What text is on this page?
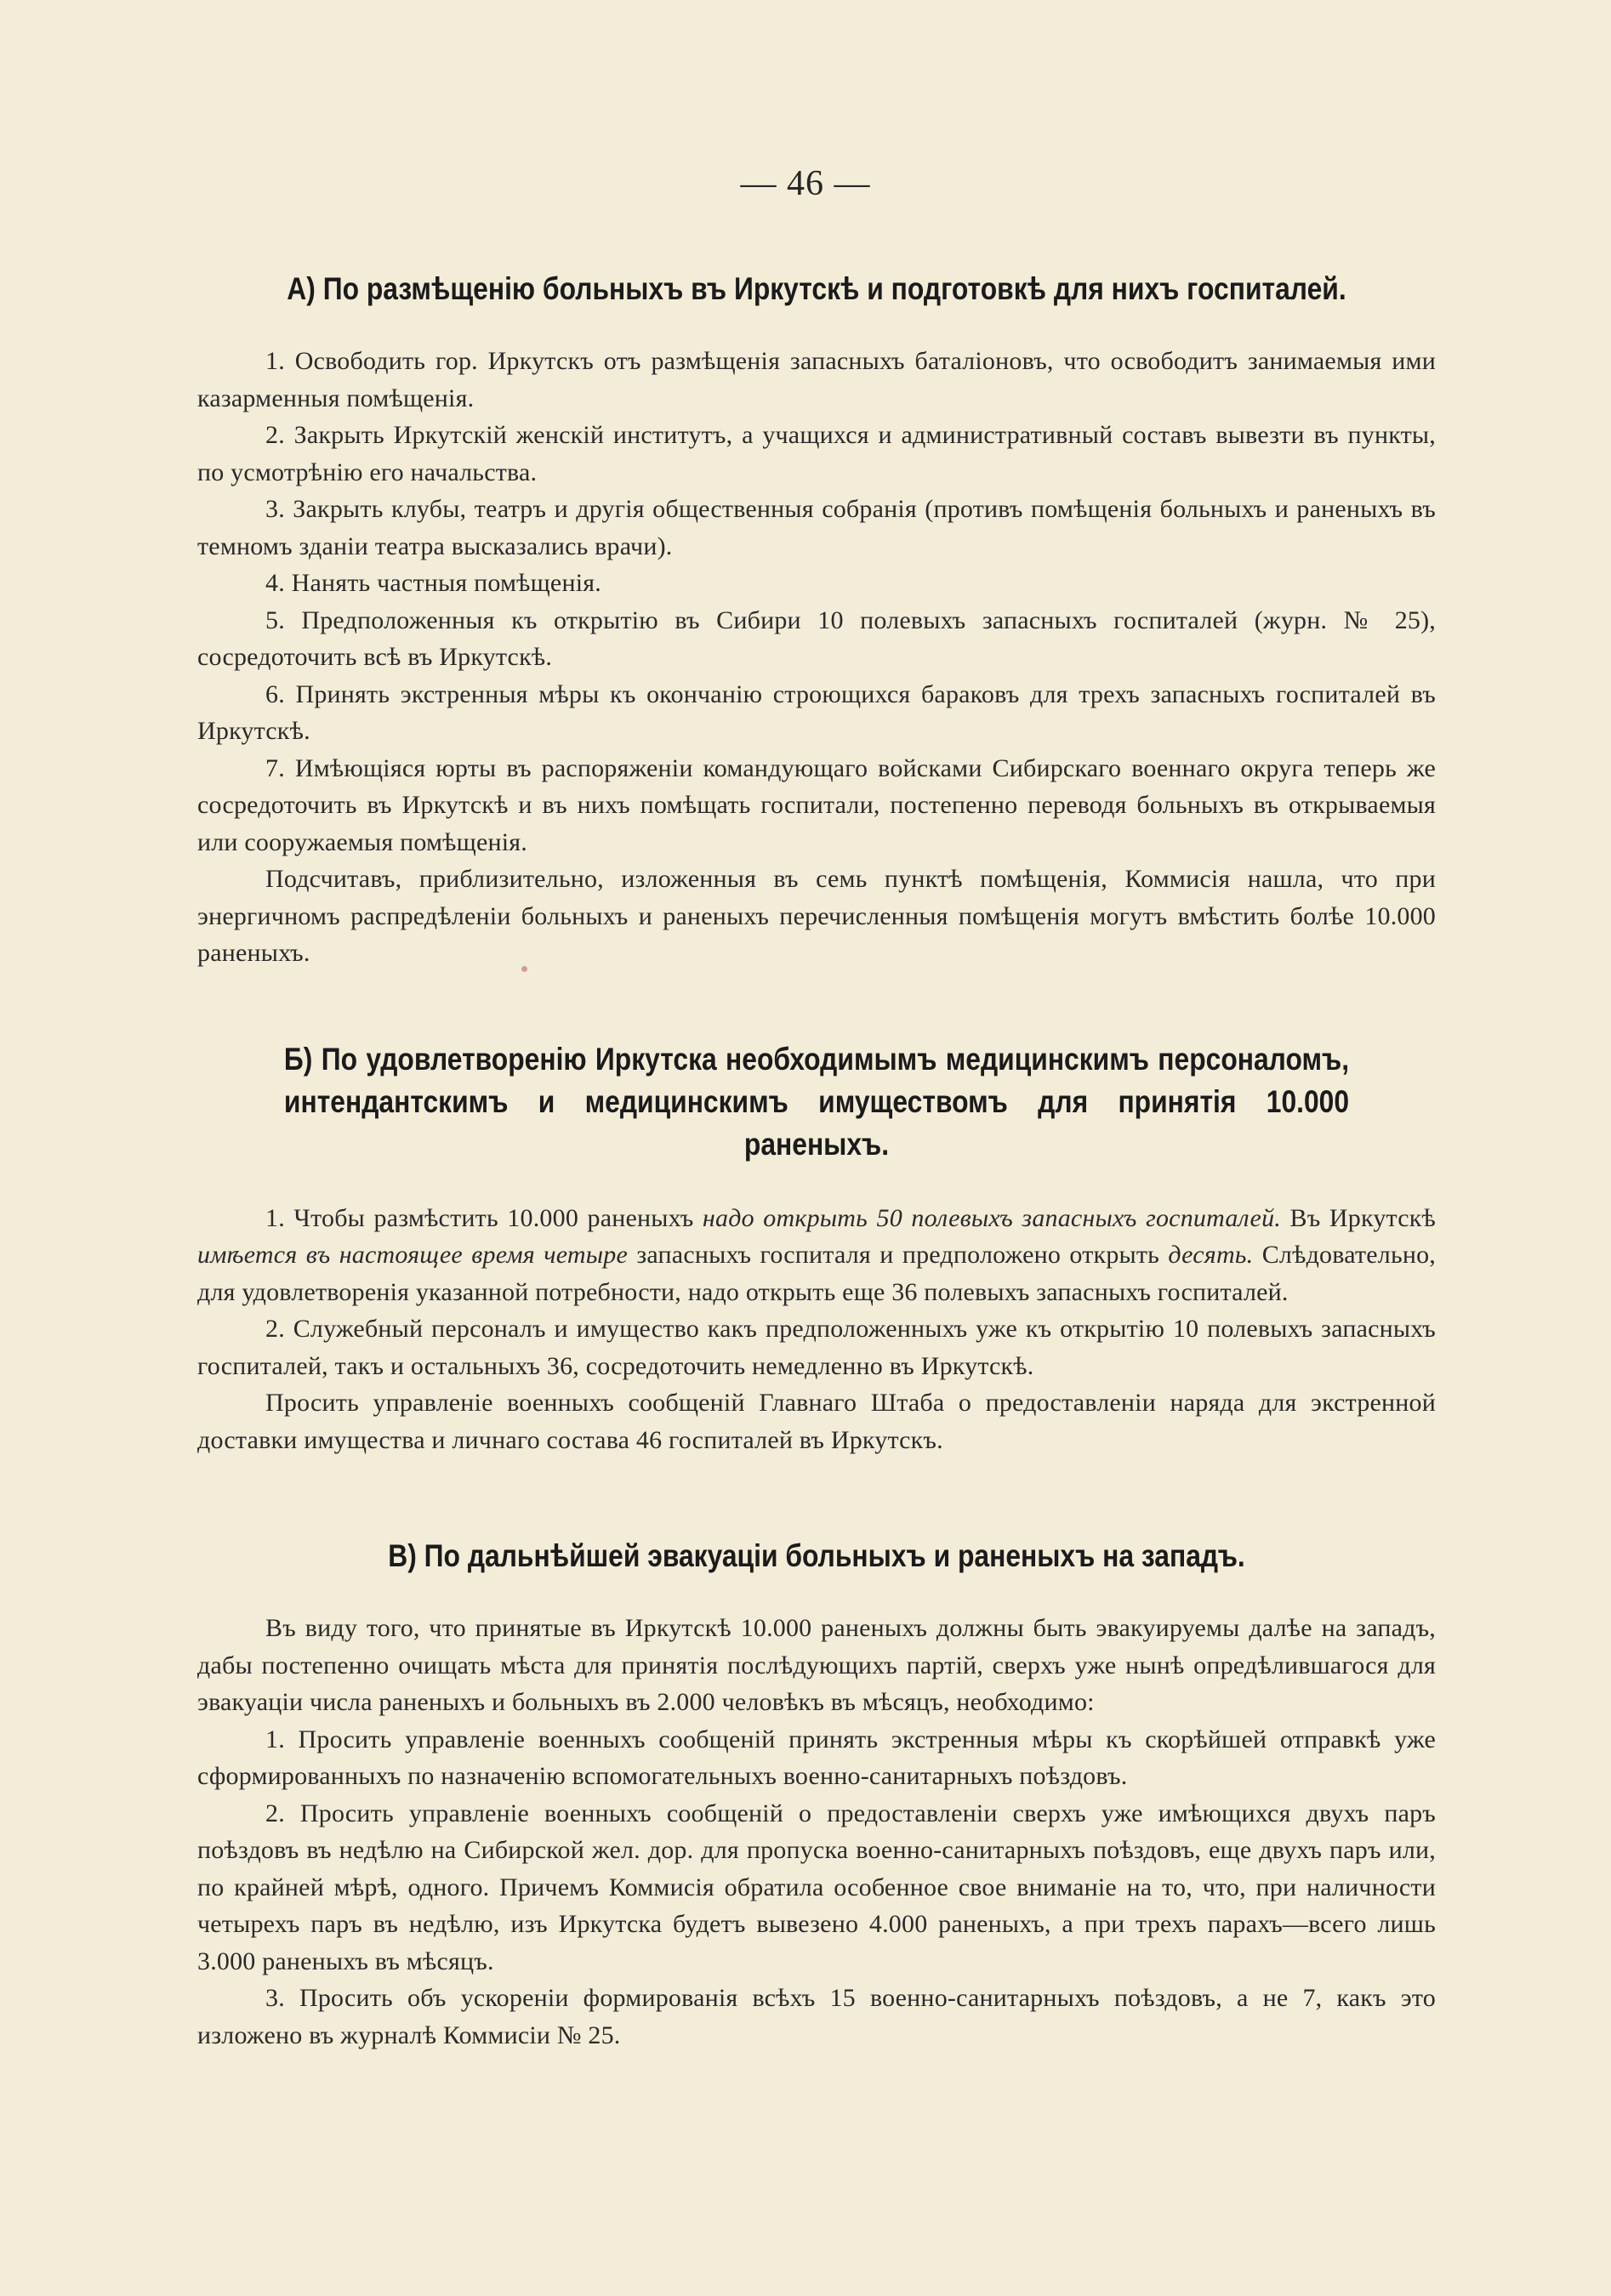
— 46 —
А) По размѣщенію больныхъ въ Иркутскѣ и подготовкѣ для нихъ госпиталей.

1. Освободить гор. Иркутскъ отъ размѣщенія запасныхъ баталіоновъ, что освободитъ занимаемыя ими казарменныя помѣщенія.

2. Закрыть Иркутскій женскій институтъ, а учащихся и административный составъ вывезти въ пункты, по усмотрѣнію его начальства.

3. Закрыть клубы, театръ и другія общественныя собранія (противъ помѣщенія больныхъ и раненыхъ въ темномъ зданіи театра высказались врачи).

4. Нанять частныя помѣщенія.

5. Предположенныя къ открытію въ Сибири 10 полевыхъ запасныхъ госпиталей (журн. № 25), сосредоточить всѣ въ Иркутскѣ.

6. Принять экстренныя мѣры къ окончанію строющихся бараковъ для трехъ запасныхъ госпиталей въ Иркутскѣ.

7. Имѣющіяся юрты въ распоряженіи командующаго войсками Сибирскаго военнаго округа теперь же сосредоточить въ Иркутскѣ и въ нихъ помѣщать госпитали, постепенно переводя больныхъ въ открываемыя или сооружаемыя помѣщенія.

Подсчитавъ, приблизительно, изложенныя въ семь пунктѣ помѣщенія, Коммисія нашла, что при энергичномъ распредѣленіи больныхъ и раненыхъ перечисленныя помѣщенія могутъ вмѣстить болѣе 10.000 раненыхъ.

Б) По удовлетворенію Иркутска необходимымъ медицинскимъ персоналомъ, интендантскимъ и медицинскимъ имуществомъ для принятія 10.000 раненыхъ.

1. Чтобы размѣстить 10.000 раненыхъ надо открыть 50 полевыхъ запасныхъ госпиталей. Въ Иркутскѣ имѣется въ настоящее время четыре запасныхъ госпиталя и предположено открыть десять. Слѣдовательно, для удовлетворенія указанной потребности, надо открыть еще 36 полевыхъ запасныхъ госпиталей.

2. Служебный персоналъ и имущество какъ предположенныхъ уже къ открытію 10 полевыхъ запасныхъ госпиталей, такъ и остальныхъ 36, сосредоточить немедленно въ Иркутскѣ.

Просить управленіе военныхъ сообщеній Главнаго Штаба о предоставленіи наряда для экстренной доставки имущества и личнаго состава 46 госпиталей въ Иркутскъ.

В) По дальнѣйшей эвакуаціи больныхъ и раненыхъ на западъ.

Въ виду того, что принятые въ Иркутскѣ 10.000 раненыхъ должны быть эвакуируемы далѣе на западъ, дабы постепенно очищать мѣста для принятія послѣдующихъ партій, сверхъ уже нынѣ опредѣлившагося для эвакуаціи числа раненыхъ и больныхъ въ 2.000 человѣкъ въ мѣсяцъ, необходимо:

1. Просить управленіе военныхъ сообщеній принять экстренныя мѣры къ скорѣйшей отправкѣ уже сформированныхъ по назначенію вспомогательныхъ военно-санитарныхъ поѣздовъ.

2. Просить управленіе военныхъ сообщеній о предоставленіи сверхъ уже имѣющихся двухъ паръ поѣздовъ въ недѣлю на Сибирской жел. дор. для пропуска военно-санитарныхъ поѣздовъ, еще двухъ паръ или, по крайней мѣрѣ, одного. Причемъ Коммисія обратила особенное свое вниманіе на то, что, при наличности четырехъ паръ въ недѣлю, изъ Иркутска будетъ вывезено 4.000 раненыхъ, а при трехъ парахъ—всего лишь 3.000 раненыхъ въ мѣсяцъ.

3. Просить объ ускореніи формированія всѣхъ 15 военно-санитарныхъ поѣздовъ, а не 7, какъ это изложено въ журналѣ Коммисіи № 25.
